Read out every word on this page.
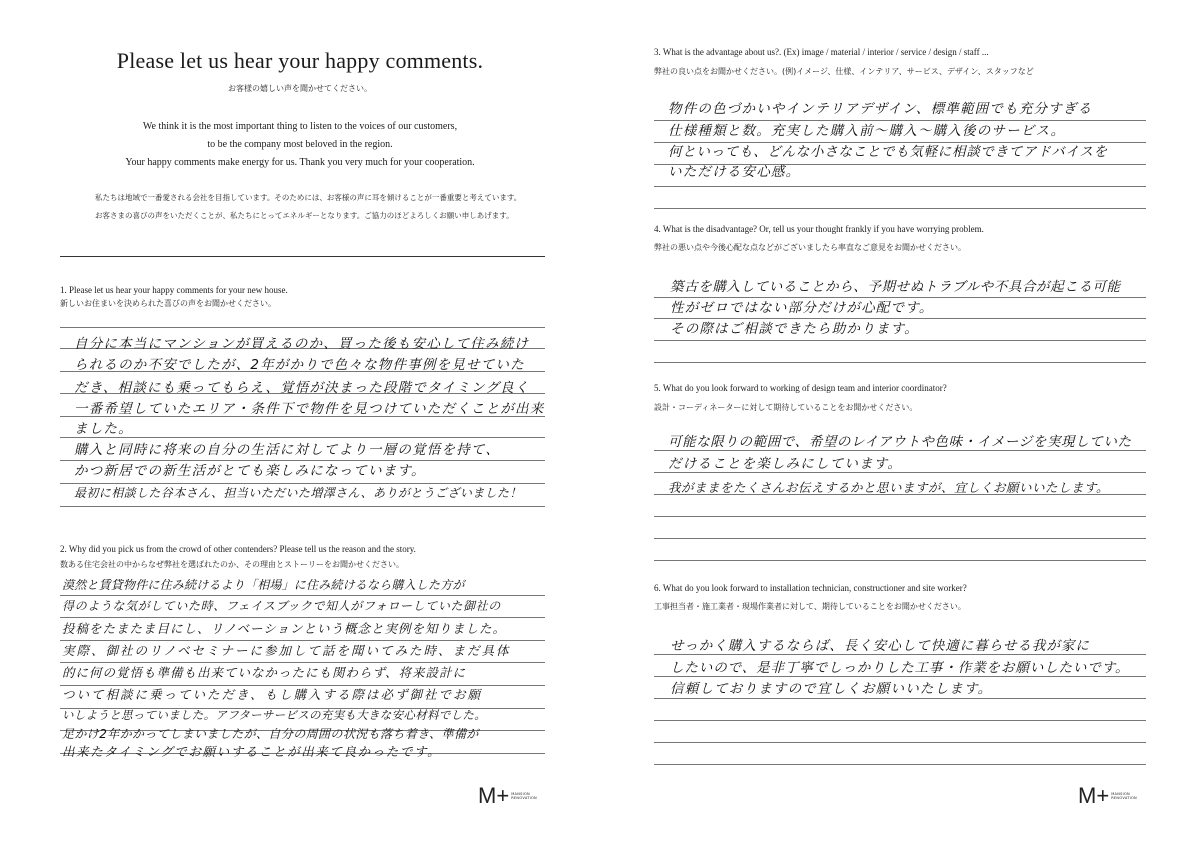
Please let us hear your happy comments.
お客様の嬉しい声を聞かせてください。
We think it is the most important thing to listen to the voices of our customers,
to be the company most beloved in the region.
Your happy comments make energy for us. Thank you very much for your cooperation.
私たちは地域で一番愛される会社を目指しています。そのためには、お客様の声に耳を傾けることが一番重要と考えています。
お客さまの喜びの声をいただくことが、私たちにとってエネルギーとなります。ご協力のほどよろしくお願い申しあげます。
1. Please let us hear your happy comments for your new house.
新しいお住まいを決められた喜びの声をお聞かせください。
自分に本当にマンションが買えるのか、買った後も安心して住み続け
られるのか不安でしたが、2年がかりで色々な物件事例を見せていた
だき、相談にも乗ってもらえ、覚悟が決まった段階でタイミング良く
一番希望していたエリア・条件下で物件を見つけていただくことが出来
ました。
購入と同時に将来の自分の生活に対してより一層の覚悟を持て、
かつ新居での新生活がとても楽しみになっています。
最初に相談した谷本さん、担当いただいた増澤さん、ありがとうございました！
2. Why did you pick us from the crowd of other contenders? Please tell us the reason and the story.
数ある住宅会社の中からなぜ弊社を選ばれたのか、その理由とストーリーをお聞かせください。
漠然と賃貸物件に住み続けるより「相場」に住み続けるなら購入した方が
得のような気がしていた時、フェイスブックで知人がフォローしていた御社の
投稿をたまたま目にし、リノベーションという概念と実例を知りました。
実際、御社のリノベセミナーに参加して話を聞いてみた時、まだ具体
的に何の覚悟も準備も出来ていなかったにも関わらず、将来設計に
ついて相談に乗っていただき、もし購入する際は必ず御社でお願
いしようと思っていました。アフターサービスの充実も大きな安心材料でした。
足かけ2年かかってしまいましたが、自分の周囲の状況も落ち着き、準備が
出来たタイミングでお願いすることが出来て良かったです。
M+ MANSION
RENOVATION
3. What is the advantage about us?. (Ex) image / material / interior / service / design / staff ...
弊社の良い点をお聞かせください。(例)イメージ、仕様、インテリア、サービス、デザイン、スタッフなど
物件の色づかいやインテリアデザイン、標準範囲でも充分すぎる
仕様種類と数。充実した購入前〜購入〜購入後のサービス。
何といっても、どんな小さなことでも気軽に相談できてアドバイスを
いただける安心感。
4. What is the disadvantage? Or, tell us your thought frankly if you have worrying problem.
弊社の悪い点や今後心配な点などがございましたら率直なご意見をお聞かせください。
築古を購入していることから、予期せぬトラブルや不具合が起こる可能
性がゼロではない部分だけが心配です。
その際はご相談できたら助かります。
5. What do you look forward to working of design team and interior coordinator?
設計・コーディネーターに対して期待していることをお聞かせください。
可能な限りの範囲で、希望のレイアウトや色味・イメージを実現していた
だけることを楽しみにしています。
我がままをたくさんお伝えするかと思いますが、宜しくお願いいたします。
6. What do you look forward to installation technician, constructioner and site worker?
工事担当者・施工業者・現場作業者に対して、期待していることをお聞かせください。
せっかく購入するならば、長く安心して快適に暮らせる我が家に
したいので、是非丁寧でしっかりした工事・作業をお願いしたいです。
信頼しておりますので宜しくお願いいたします。
M+ MANSION
RENOVATION
